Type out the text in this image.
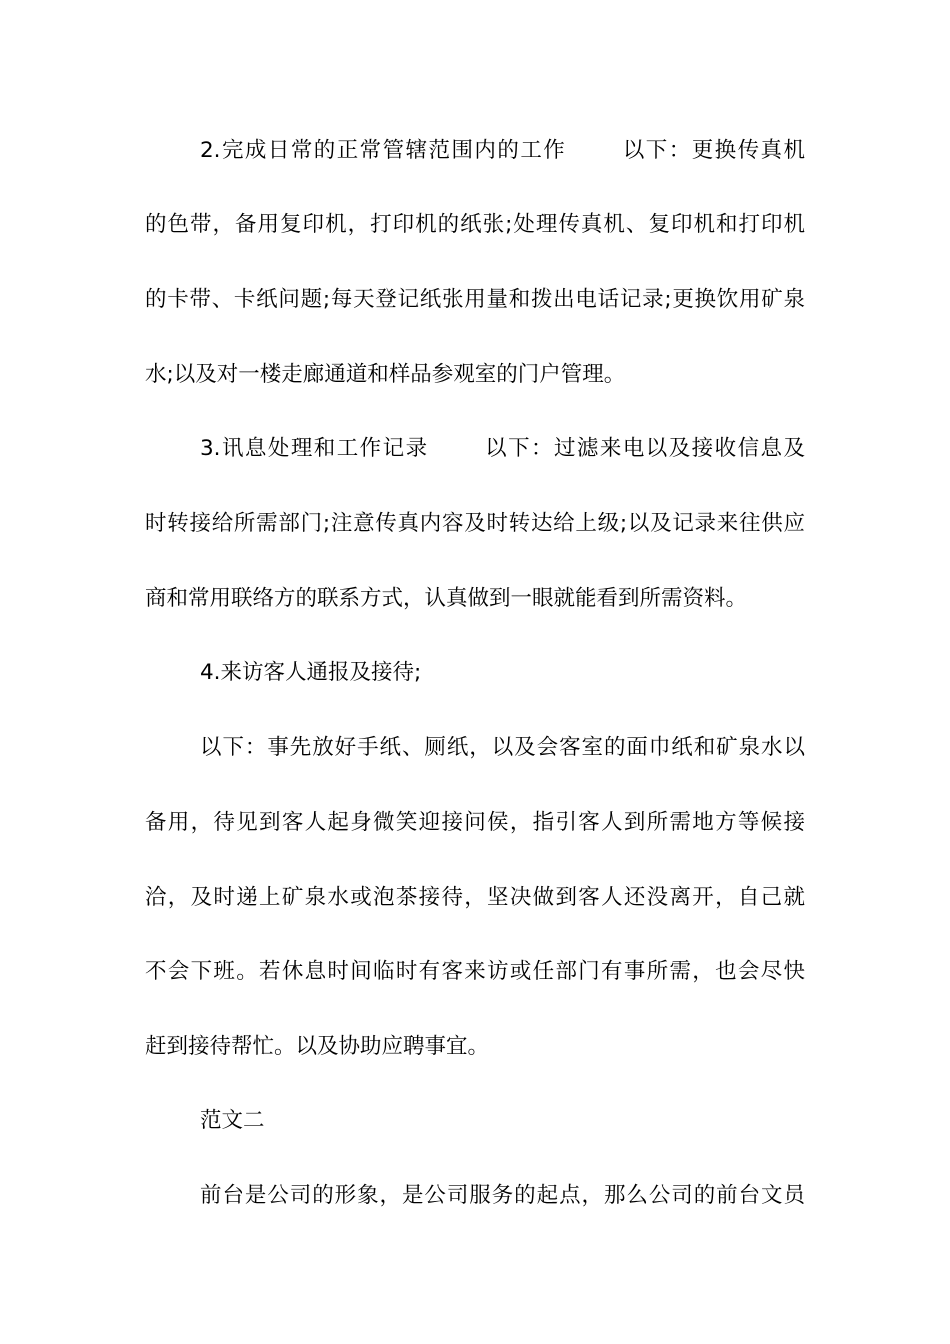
2.完成日常的正常管辖范围内的工作	以下：更换传真机
的色带，备用复印机，打印机的纸张;处理传真机、复印机和打印机
的卡带、卡纸问题;每天登记纸张用量和拨出电话记录;更换饮用矿泉
水;以及对一楼走廊通道和样品参观室的门户管理。
3.讯息处理和工作记录	以下：过滤来电以及接收信息及
时转接给所需部门;注意传真内容及时转达给上级;以及记录来往供应
商和常用联络方的联系方式，认真做到一眼就能看到所需资料。
4.来访客人通报及接待;
以下：事先放好手纸、厕纸，以及会客室的面巾纸和矿泉水以
备用，待见到客人起身微笑迎接问侯，指引客人到所需地方等候接
洽，及时递上矿泉水或泡茶接待，坚决做到客人还没离开，自己就
不会下班。若休息时间临时有客来访或任部门有事所需，也会尽快
赶到接待帮忙。以及协助应聘事宜。
范文二
前台是公司的形象，是公司服务的起点，那么公司的前台文员
